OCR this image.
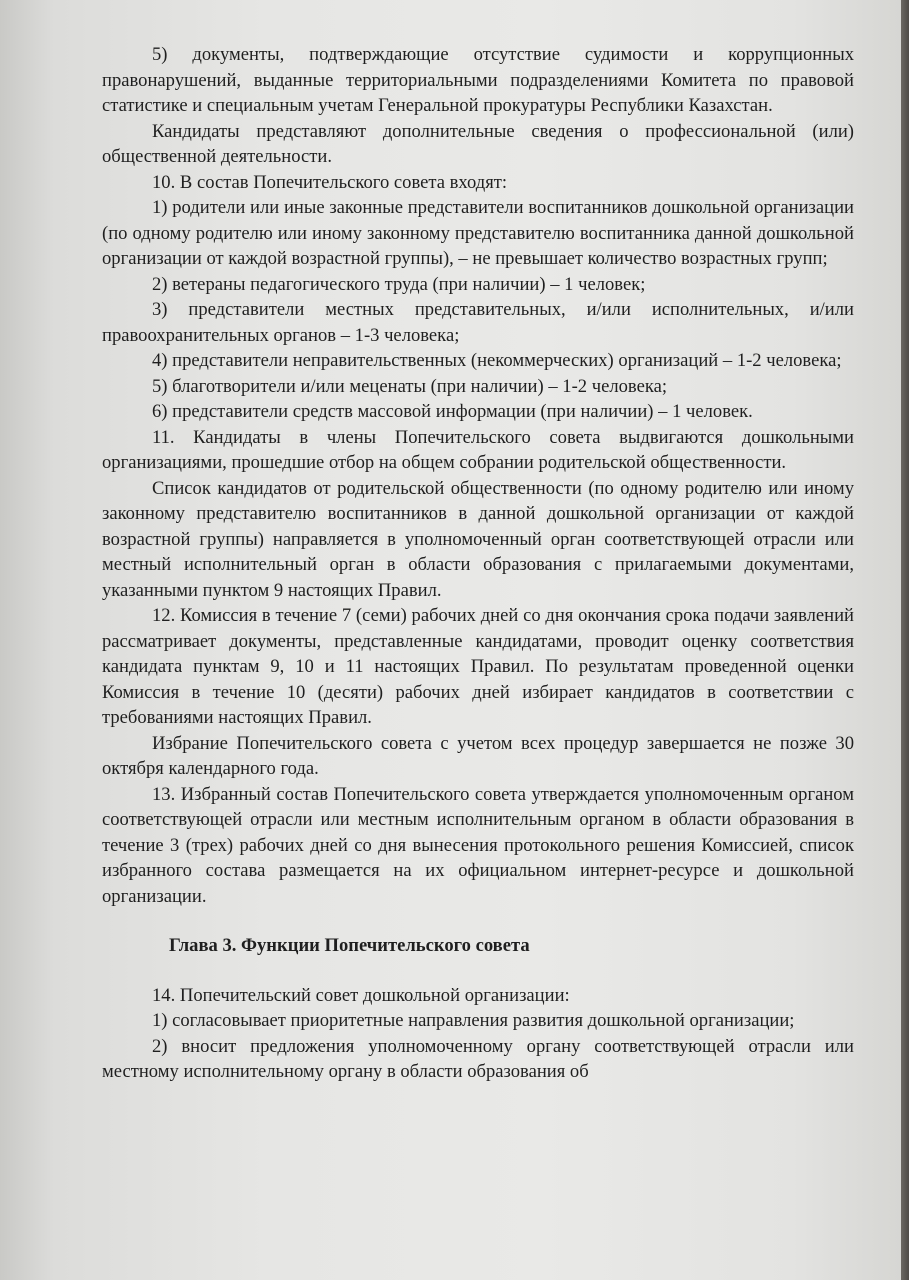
5) документы, подтверждающие отсутствие судимости и коррупционных правонарушений, выданные территориальными подразделениями Комитета по правовой статистике и специальным учетам Генеральной прокуратуры Республики Казахстан.

Кандидаты представляют дополнительные сведения о профессиональной (или) общественной деятельности.

10. В состав Попечительского совета входят:

1) родители или иные законные представители воспитанников дошкольной организации (по одному родителю или иному законному представителю воспитанника данной дошкольной организации от каждой возрастной группы), – не превышает количество возрастных групп;

2) ветераны педагогического труда (при наличии) – 1 человек;

3) представители местных представительных, и/или исполнительных, и/или правоохранительных органов – 1-3 человека;

4) представители неправительственных (некоммерческих) организаций – 1-2 человека;

5) благотворители и/или меценаты (при наличии) – 1-2 человека;

6) представители средств массовой информации (при наличии) – 1 человек.

11. Кандидаты в члены Попечительского совета выдвигаются дошкольными организациями, прошедшие отбор на общем собрании родительской общественности.

Список кандидатов от родительской общественности (по одному родителю или иному законному представителю воспитанников в данной дошкольной организации от каждой возрастной группы) направляется в уполномоченный орган соответствующей отрасли или местный исполнительный орган в области образования с прилагаемыми документами, указанными пунктом 9 настоящих Правил.

12. Комиссия в течение 7 (семи) рабочих дней со дня окончания срока подачи заявлений рассматривает документы, представленные кандидатами, проводит оценку соответствия кандидата пунктам 9, 10 и 11 настоящих Правил. По результатам проведенной оценки Комиссия в течение 10 (десяти) рабочих дней избирает кандидатов в соответствии с требованиями настоящих Правил.

Избрание Попечительского совета с учетом всех процедур завершается не позже 30 октября календарного года.

13. Избранный состав Попечительского совета утверждается уполномоченным органом соответствующей отрасли или местным исполнительным органом в области образования в течение 3 (трех) рабочих дней со дня вынесения протокольного решения Комиссией, список избранного состава размещается на их официальном интернет-ресурсе и дошкольной организации.

Глава 3. Функции Попечительского совета

14. Попечительский совет дошкольной организации:

1) согласовывает приоритетные направления развития дошкольной организации;

2) вносит предложения уполномоченному органу соответствующей отрасли или местному исполнительному органу в области образования об
